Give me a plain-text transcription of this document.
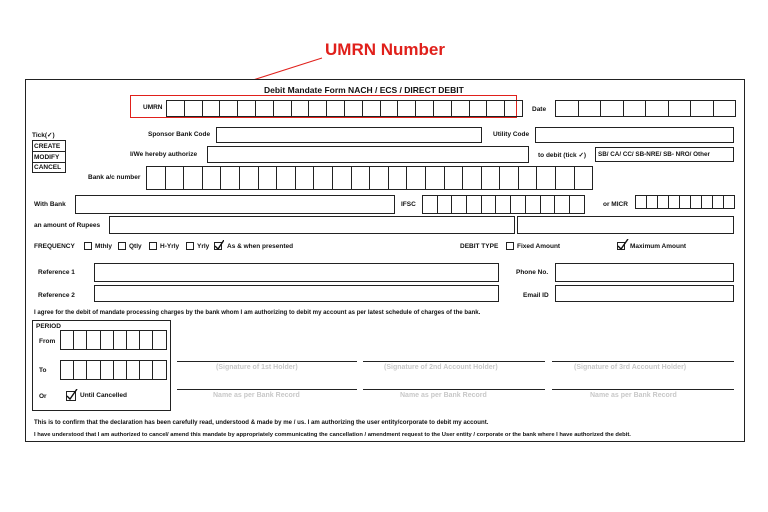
UMRN Number
Debit Mandate Form NACH / ECS / DIRECT DEBIT
UMRN	Date
Tick(✓)
CREATE
MODIFY
CANCEL
Sponsor Bank Code	Utility Code
I/We hereby authorize	to debit (tick ✓) SB/ CA/ CC/ SB-NRE/ SB- NRO/ Other
Bank a/c number
With Bank	IFSC	or MICR
an amount of Rupees
FREQUENCY	Mthly	Qtly	H-Yrly	Yrly	As & when presented	DEBIT TYPE	Fixed Amount	Maximum Amount
Reference 1	Phone No.
Reference 2	Email ID
I agree for the debit of mandate processing charges by the bank whom I am authorizing to debit my account as per latest schedule of charges of the bank.
PERIOD
From
To
Or	Until Cancelled
(Signature of 1st Holder)
Name as per Bank Record
(Signature of 2nd Account Holder)
Name as per Bank Record
(Signature of 3rd Account Holder)
Name as per Bank Record
This is to confirm that the declaration has been carefully read, understood & made by me / us. I am authorizing the user entity/corporate to debit my account.
I have understood that I am authorized to cancel/ amend this mandate by appropriately communicating the cancellation / amendment request to the User entity / corporate or the bank where I have authorized the debit.
